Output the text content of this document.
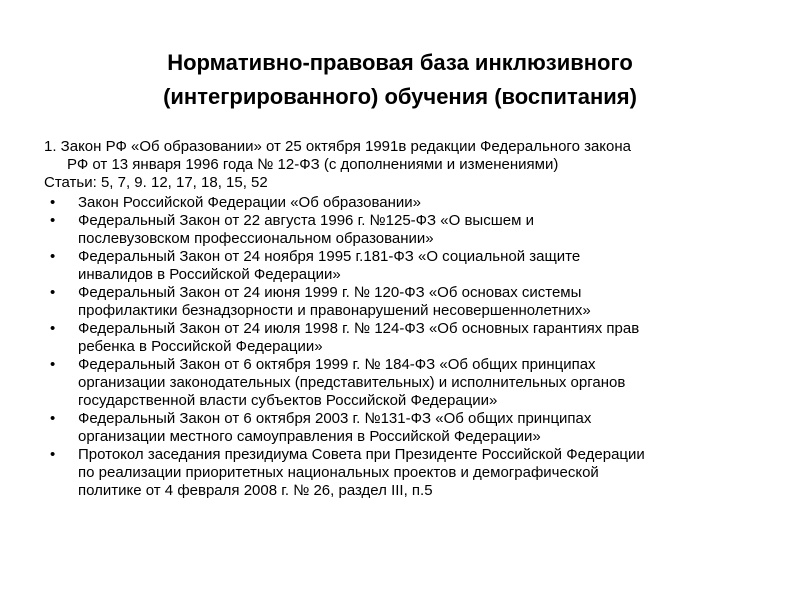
Нормативно-правовая база инклюзивного
(интегрированного) обучения (воспитания)
1. Закон РФ «Об образовании» от 25 октября 1991в редакции Федерального закона
РФ от 13 января 1996 года № 12-ФЗ (с дополнениями и изменениями)
Статьи: 5, 7, 9. 12, 17, 18, 15, 52
• Закон Российской Федерации «Об образовании»
• Федеральный Закон от 22 августа 1996 г. №125-ФЗ «О высшем и
послевузовском профессиональном образовании»
• Федеральный Закон от 24 ноября 1995 г.181-ФЗ «О социальной защите
инвалидов в Российской Федерации»
• Федеральный Закон от 24 июня 1999 г. № 120-ФЗ «Об основах системы
профилактики безнадзорности и правонарушений несовершеннолетних»
• Федеральный Закон от 24 июля 1998 г. № 124-ФЗ «Об основных гарантиях прав
ребенка в Российской Федерации»
• Федеральный Закон от 6 октября 1999 г. № 184-ФЗ «Об общих принципах
организации законодательных (представительных) и исполнительных органов
государственной власти субъектов Российской Федерации»
• Федеральный Закон от 6 октября 2003 г. №131-ФЗ «Об общих принципах
организации местного самоуправления в Российской Федерации»
• Протокол заседания президиума Совета при Президенте Российской Федерации
по реализации приоритетных национальных проектов и демографической
политике от 4 февраля 2008 г. № 26, раздел III, п.5
